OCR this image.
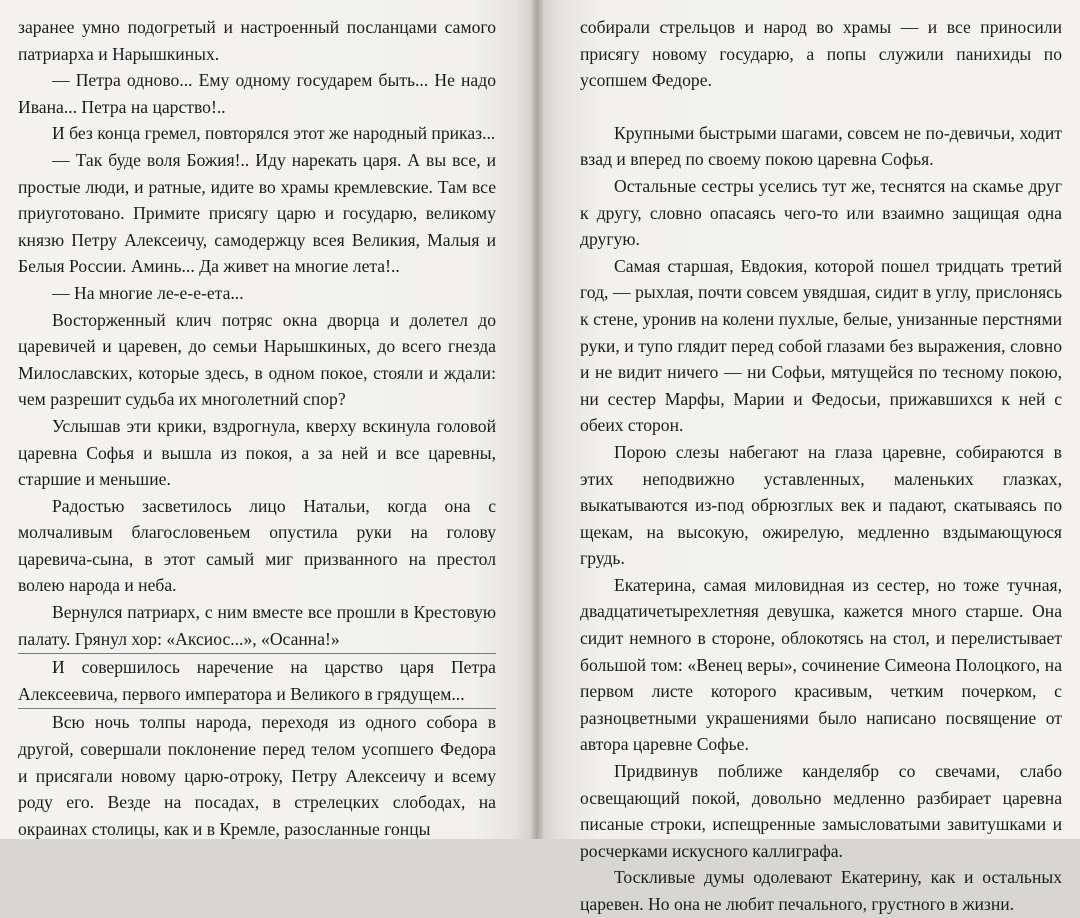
заранее умно подогретый и настроенный посланцами самого патриарха и Нарышкиных.

— Петра одново... Ему одному государем быть... Не надо Ивана... Петра на царство!..

И без конца гремел, повторялся этот же народный приказ...

— Так буде воля Божия!.. Иду нарекать царя. А вы все, и простые люди, и ратные, идите во храмы кремлевские. Там все приуготовано. Примите присягу царю и государю, великому князю Петру Алексеичу, самодержцу всея Великия, Малыя и Белыя России. Аминь... Да живет на многие лета!..

— На многие ле-е-е-ета...

Восторженный клич потряс окна дворца и долетел до царевичей и царевен, до семьи Нарышкиных, до всего гнезда Милославских, которые здесь, в одном покое, стояли и ждали: чем разрешит судьба их многолетний спор?

Услышав эти крики, вздрогнула, кверху вскинула головой царевна Софья и вышла из покоя, а за ней и все царевны, старшие и меньшие.

Радостью засветилось лицо Натальи, когда она с молчаливым благословеньем опустила руки на голову царевича-сына, в этот самый миг призванного на престол волею народа и неба.

Вернулся патриарх, с ним вместе все прошли в Крестовую палату. Грянул хор: «Аксиос...», «Осанна!»

И совершилось наречение на царство царя Петра Алексеевича, первого императора и Великого в грядущем...

Всю ночь толпы народа, переходя из одного собора в другой, совершали поклонение перед телом усопшего Федора и присягали новому царю-отроку, Петру Алексеичу и всему роду его. Везде на посадах, в стрелецких слободах, на окраинах столицы, как и в Кремле, разосланные гонцы

собирали стрельцов и народ во храмы — и все приносили присягу новому государю, а попы служили панихиды по усопшем Федоре.

Крупными быстрыми шагами, совсем не по-девичьи, ходит взад и вперед по своему покою царевна Софья.

Остальные сестры уселись тут же, теснятся на скамье друг к другу, словно опасаясь чего-то или взаимно защищая одна другую.

Самая старшая, Евдокия, которой пошел тридцать третий год, — рыхлая, почти совсем увядшая, сидит в углу, прислонясь к стене, уронив на колени пухлые, белые, унизанные перстнями руки, и тупо глядит перед собой глазами без выражения, словно и не видит ничего — ни Софьи, мятущейся по тесному покою, ни сестер Марфы, Марии и Федосьи, прижавшихся к ней с обеих сторон.

Порою слезы набегают на глаза царевне, собираются в этих неподвижно уставленных, маленьких глазках, выкатываются из-под обрюзглых век и падают, скатываясь по щекам, на высокую, ожирелую, медленно вздымающуюся грудь.

Екатерина, самая миловидная из сестер, но тоже тучная, двадцатичетырехлетняя девушка, кажется много старше. Она сидит немного в стороне, облокотясь на стол, и перелистывает большой том: «Венец веры», сочинение Симеона Полоцкого, на первом листе которого красивым, четким почерком, с разноцветными украшениями было написано посвящение от автора царевне Софье.

Придвинув поближе канделябр со свечами, слабо освещающий покой, довольно медленно разбирает царевна писаные строки, испещренные замысловатыми завитушками и росчерками искусного каллиграфа.

Тоскливые думы одолевают Екатерину, как и остальных царевен. Но она не любит печального, грустного в жизни.
